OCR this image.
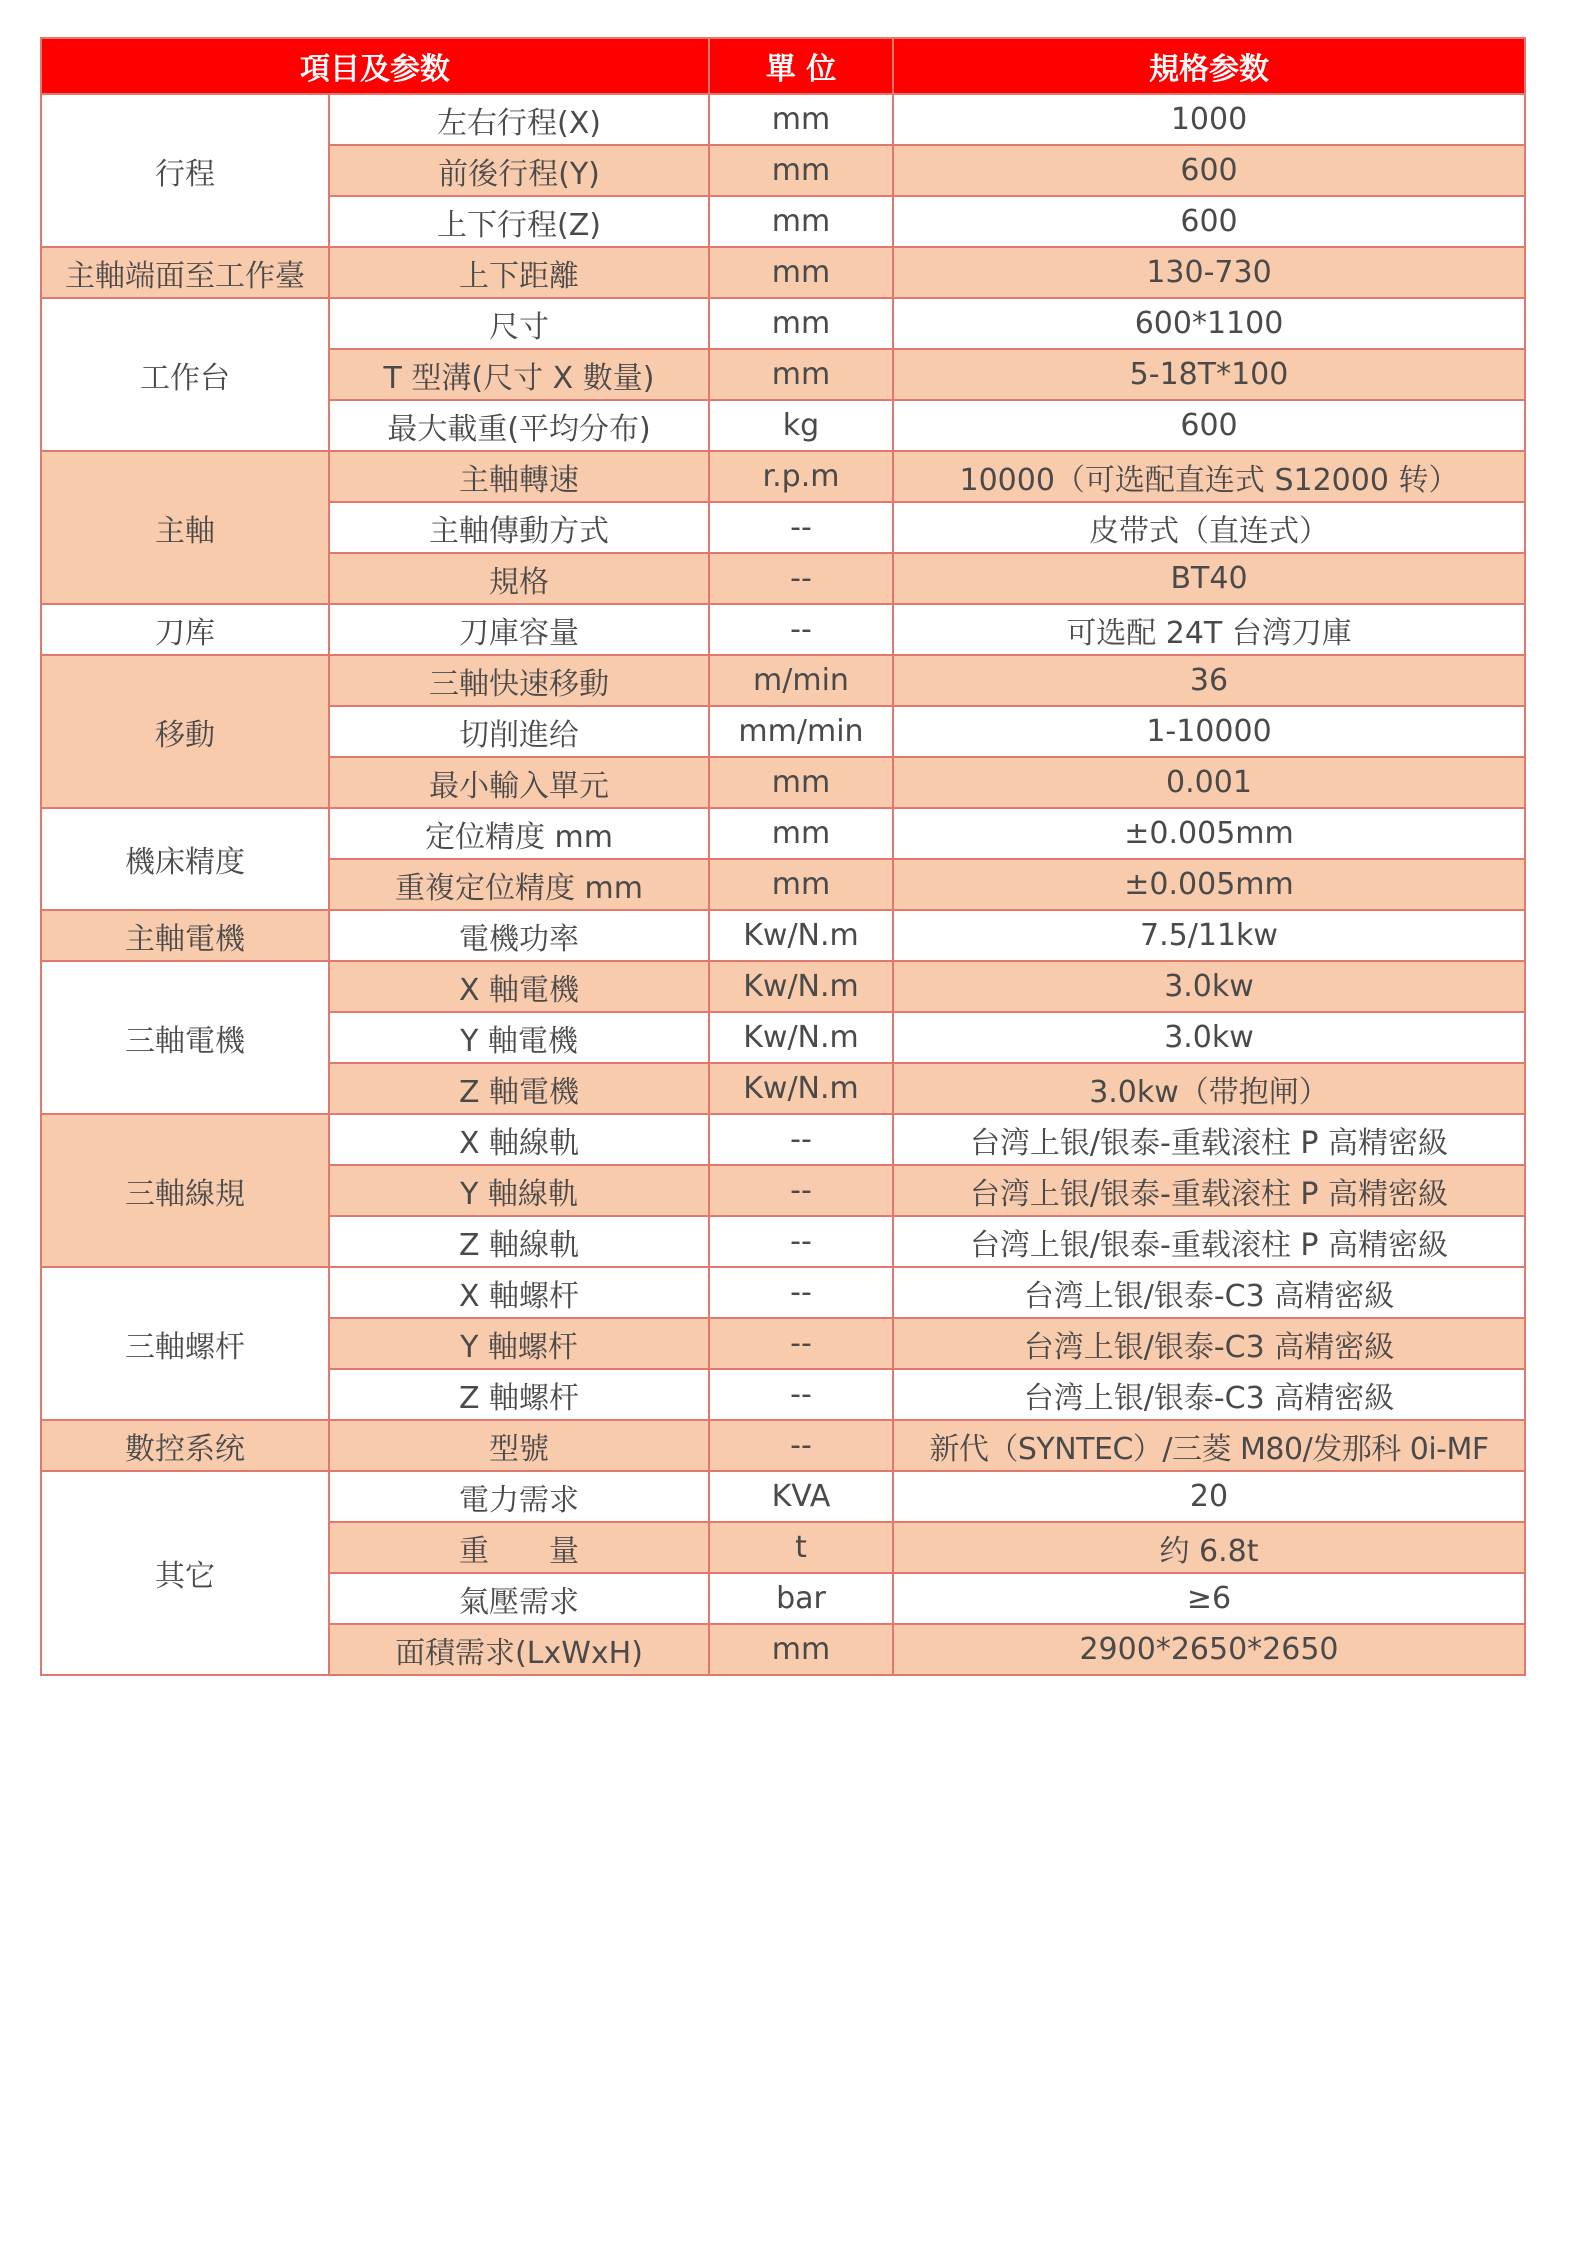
項目及参数		單 位	規格参数
行程	左右行程(X)	mm	1000
	前後行程(Y)	mm	600
	上下行程(Z)	mm	600
主軸端面至工作臺	上下距離	mm	130-730
工作台	尺寸	mm	600*1100
	T 型溝(尺寸 X 數量)	mm	5-18T*100
	最大載重(平均分布)	kg	600
主軸	主軸轉速	r.p.m	10000（可选配直连式 S12000 转）
	主軸傳動方式	--	皮带式（直连式）
	規格	--	BT40
刀库	刀庫容量	--	可选配 24T 台湾刀庫
移動	三軸快速移動	m/min	36
	切削進给	mm/min	1-10000
	最小輸入單元	mm	0.001
機床精度	定位精度 mm	mm	±0.005mm
	重複定位精度 mm	mm	±0.005mm
主軸電機	電機功率	Kw/N.m	7.5/11kw
三軸電機	X 軸電機	Kw/N.m	3.0kw
	Y 軸電機	Kw/N.m	3.0kw
	Z 軸電機	Kw/N.m	3.0kw（带抱闸）
三軸線規	X 軸線軌	--	台湾上银/银泰-重载滚柱 P 高精密級
	Y 軸線軌	--	台湾上银/银泰-重载滚柱 P 高精密級
	Z 軸線軌	--	台湾上银/银泰-重载滚柱 P 高精密級
三軸螺杆	X 軸螺杆	--	台湾上银/银泰-C3 高精密級
	Y 軸螺杆	--	台湾上银/银泰-C3 高精密級
	Z 軸螺杆	--	台湾上银/银泰-C3 高精密級
數控系统	型號	--	新代（SYNTEC）/三菱 M80/发那科 0i-MF
其它	電力需求	KVA	20
	重　　量	t	约 6.8t
	氣壓需求	bar	≥6
	面積需求(LxWxH)	mm	2900*2650*2650
